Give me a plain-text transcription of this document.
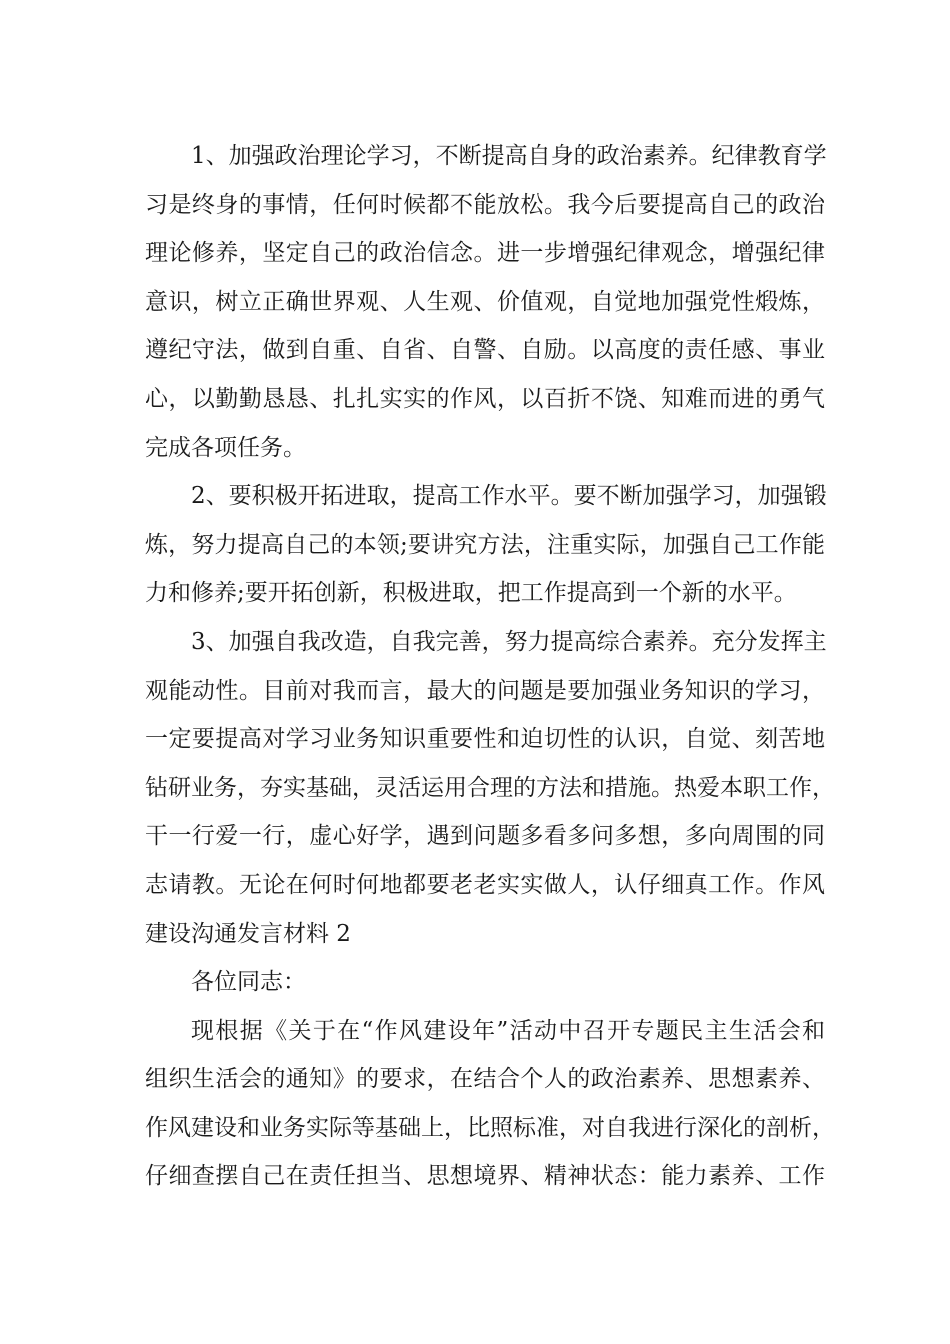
1、加强政治理论学习，不断提高自身的政治素养。纪律教育学
习是终身的事情，任何时候都不能放松。我今后要提高自己的政治
理论修养，坚定自己的政治信念。进一步增强纪律观念，增强纪律
意识，树立正确世界观、人生观、价值观，自觉地加强党性煅炼，
遵纪守法，做到自重、自省、自警、自励。以高度的责任感、事业
心，以勤勤恳恳、扎扎实实的作风，以百折不饶、知难而进的勇气
完成各项任务。
2、要积极开拓进取，提高工作水平。要不断加强学习，加强锻
炼，努力提高自己的本领;要讲究方法，注重实际，加强自己工作能
力和修养;要开拓创新，积极进取，把工作提高到一个新的水平。
3、加强自我改造，自我完善，努力提高综合素养。充分发挥主
观能动性。目前对我而言，最大的问题是要加强业务知识的学习，
一定要提高对学习业务知识重要性和迫切性的认识，自觉、刻苦地
钻研业务，夯实基础，灵活运用合理的方法和措施。热爱本职工作，
干一行爱一行，虚心好学，遇到问题多看多问多想，多向周围的同
志请教。无论在何时何地都要老老实实做人，认仔细真工作。作风
建设沟通发言材料 2
各位同志：
现根据《关于在“作风建设年”活动中召开专题民主生活会和
组织生活会的通知》的要求，在结合个人的政治素养、思想素养、
作风建设和业务实际等基础上，比照标准，对自我进行深化的剖析，
仔细查摆自己在责任担当、思想境界、精神状态：能力素养、工作
